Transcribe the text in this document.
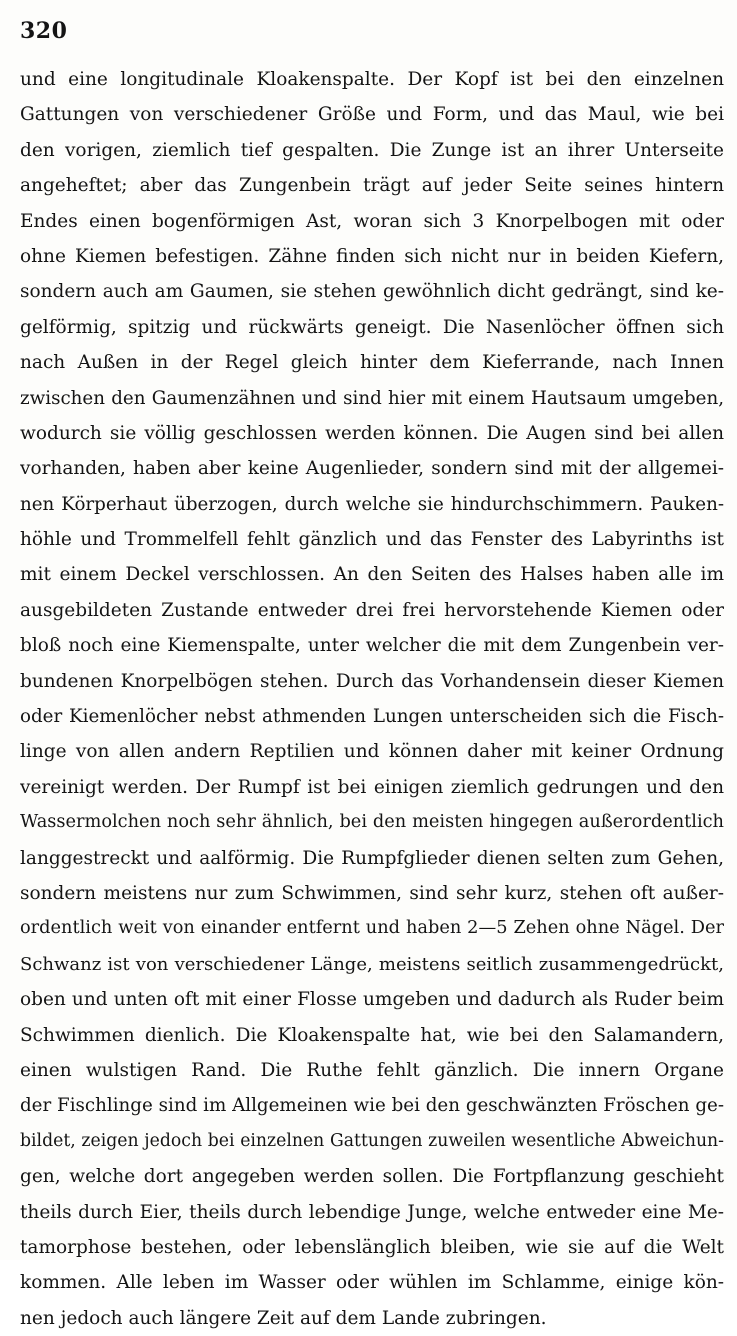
320
und eine longitudinale Kloakenspalte. Der Kopf ist bei den einzelnen
Gattungen von verschiedener Größe und Form, und das Maul, wie bei
den vorigen, ziemlich tief gespalten. Die Zunge ist an ihrer Unterseite
angeheftet; aber das Zungenbein trägt auf jeder Seite seines hintern
Endes einen bogenförmigen Ast, woran sich 3 Knorpelbogen mit oder
ohne Kiemen befestigen. Zähne finden sich nicht nur in beiden Kiefern,
sondern auch am Gaumen, sie stehen gewöhnlich dicht gedrängt, sind ke-
gelförmig, spitzig und rückwärts geneigt. Die Nasenlöcher öffnen sich
nach Außen in der Regel gleich hinter dem Kieferrande, nach Innen
zwischen den Gaumenzähnen und sind hier mit einem Hautsaum umgeben,
wodurch sie völlig geschlossen werden können. Die Augen sind bei allen
vorhanden, haben aber keine Augenlieder, sondern sind mit der allgemei-
nen Körperhaut überzogen, durch welche sie hindurchschimmern. Pauken-
höhle und Trommelfell fehlt gänzlich und das Fenster des Labyrinths ist
mit einem Deckel verschlossen. An den Seiten des Halses haben alle im
ausgebildeten Zustande entweder drei frei hervorstehende Kiemen oder
bloß noch eine Kiemenspalte, unter welcher die mit dem Zungenbein ver-
bundenen Knorpelbögen stehen. Durch das Vorhandensein dieser Kiemen
oder Kiemenlöcher nebst athmenden Lungen unterscheiden sich die Fisch-
linge von allen andern Reptilien und können daher mit keiner Ordnung
vereinigt werden. Der Rumpf ist bei einigen ziemlich gedrungen und den
Wassermolchen noch sehr ähnlich, bei den meisten hingegen außerordentlich
langgestreckt und aalförmig. Die Rumpfglieder dienen selten zum Gehen,
sondern meistens nur zum Schwimmen, sind sehr kurz, stehen oft außer-
ordentlich weit von einander entfernt und haben 2—5 Zehen ohne Nägel. Der
Schwanz ist von verschiedener Länge, meistens seitlich zusammengedrückt,
oben und unten oft mit einer Flosse umgeben und dadurch als Ruder beim
Schwimmen dienlich. Die Kloakenspalte hat, wie bei den Salamandern,
einen wulstigen Rand. Die Ruthe fehlt gänzlich. Die innern Organe
der Fischlinge sind im Allgemeinen wie bei den geschwänzten Fröschen ge-
bildet, zeigen jedoch bei einzelnen Gattungen zuweilen wesentliche Abweichun-
gen, welche dort angegeben werden sollen. Die Fortpflanzung geschieht
theils durch Eier, theils durch lebendige Junge, welche entweder eine Me-
tamorphose bestehen, oder lebenslänglich bleiben, wie sie auf die Welt
kommen. Alle leben im Wasser oder wühlen im Schlamme, einige kön-
nen jedoch auch längere Zeit auf dem Lande zubringen.
